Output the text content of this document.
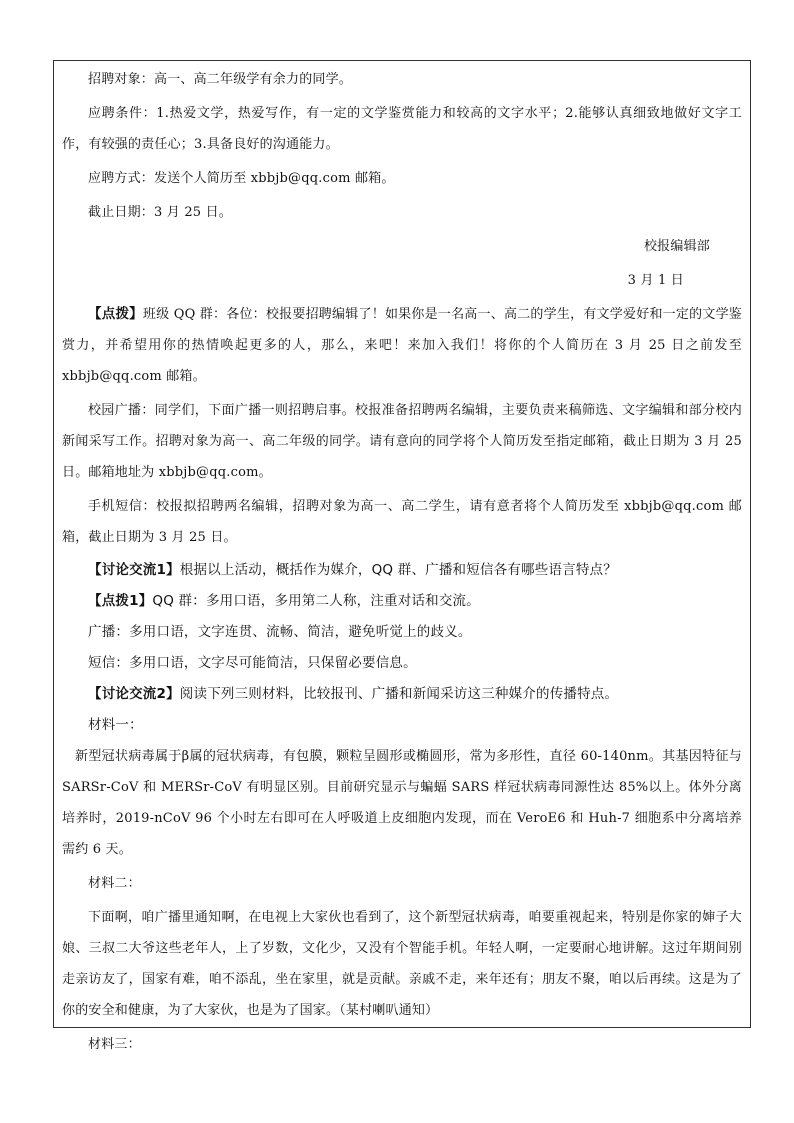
招聘对象：高一、高二年级学有余力的同学。

应聘条件：1.热爱文学，热爱写作，有一定的文学鉴赏能力和较高的文字水平；2.能够认真细致地做好文字工作，有较强的责任心；3.具备良好的沟通能力。

应聘方式：发送个人简历至 xbbjb@qq.com 邮箱。

截止日期：3 月 25 日。

校报编辑部

3 月 1 日

【点拨】班级 QQ 群：各位：校报要招聘编辑了！如果你是一名高一、高二的学生，有文学爱好和一定的文学鉴赏力，并希望用你的热情唤起更多的人，那么，来吧！来加入我们！将你的个人简历在 3 月 25 日之前发至 xbbjb@qq.com 邮箱。

校园广播：同学们，下面广播一则招聘启事。校报准备招聘两名编辑，主要负责来稿筛选、文字编辑和部分校内新闻采写工作。招聘对象为高一、高二年级的同学。请有意向的同学将个人简历发至指定邮箱，截止日期为 3 月 25 日。邮箱地址为 xbbjb@qq.com。

手机短信：校报拟招聘两名编辑，招聘对象为高一、高二学生，请有意者将个人简历发至 xbbjb@qq.com 邮箱，截止日期为 3 月 25 日。

【讨论交流1】根据以上活动，概括作为媒介，QQ 群、广播和短信各有哪些语言特点？

【点拨1】QQ 群：多用口语，多用第二人称，注重对话和交流。

广播：多用口语，文字连贯、流畅、简洁，避免听觉上的歧义。

短信：多用口语，文字尽可能简洁，只保留必要信息。

【讨论交流2】阅读下列三则材料，比较报刊、广播和新闻采访这三种媒介的传播特点。

材料一：

新型冠状病毒属于β属的冠状病毒，有包膜，颗粒呈圆形或椭圆形，常为多形性，直径 60-140nm。其基因特征与 SARSr-CoV 和 MERSr-CoV 有明显区别。目前研究显示与蝙蝠 SARS 样冠状病毒同源性达 85%以上。体外分离培养时，2019-nCoV 96 个小时左右即可在人呼吸道上皮细胞内发现，而在 VeroE6 和 Huh-7 细胞系中分离培养需约 6 天。

材料二：

下面啊，咱广播里通知啊，在电视上大家伙也看到了，这个新型冠状病毒，咱要重视起来，特别是你家的婶子大娘、三叔二大爷这些老年人，上了岁数，文化少，又没有个智能手机。年轻人啊，一定要耐心地讲解。这过年期间别走亲访友了，国家有难，咱不添乱，坐在家里，就是贡献。亲戚不走，来年还有；朋友不聚，咱以后再续。这是为了你的安全和健康，为了大家伙，也是为了国家。（某村喇叭通知）

材料三：
